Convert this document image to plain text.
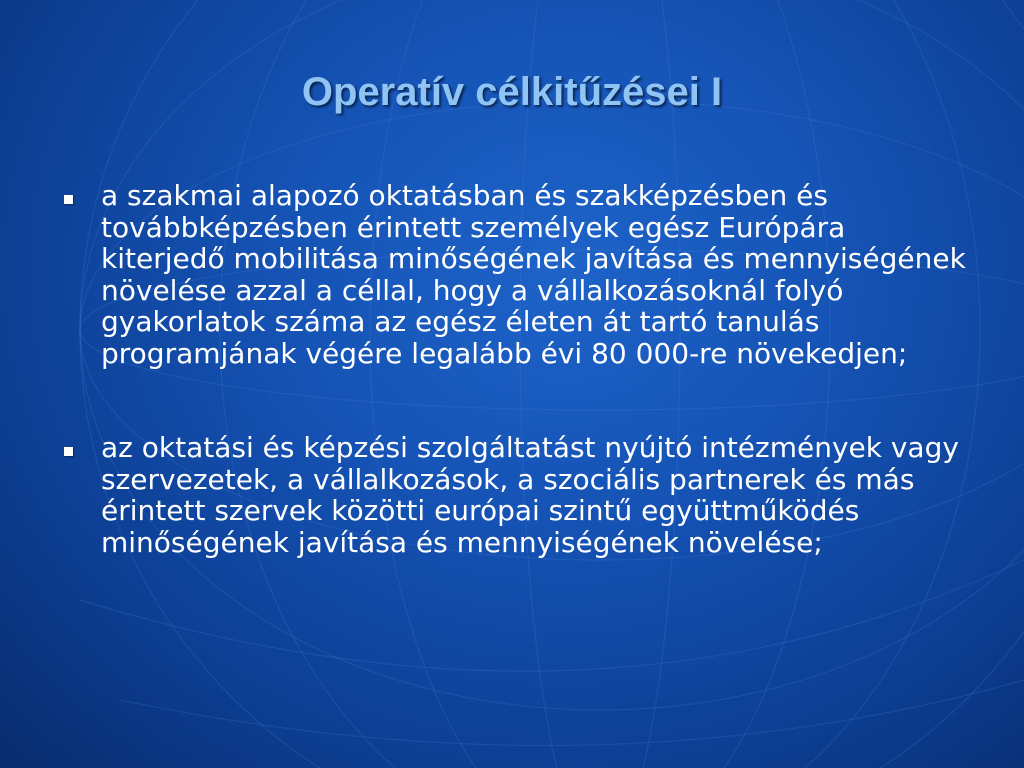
Operatív célkitűzései I
a szakmai alapozó oktatásban és szakképzésben és továbbképzésben érintett személyek egész Európára kiterjedő mobilitása minőségének javítása és mennyiségének növelése azzal a céllal, hogy a vállalkozásoknál folyó gyakorlatok száma az egész életen át tartó tanulás programjának végére legalább évi 80 000-re növekedjen;
az oktatási és képzési szolgáltatást nyújtó intézmények vagy szervezetek, a vállalkozások, a szociális partnerek és más érintett szervek közötti európai szintű együttműködés minőségének javítása és mennyiségének növelése;
